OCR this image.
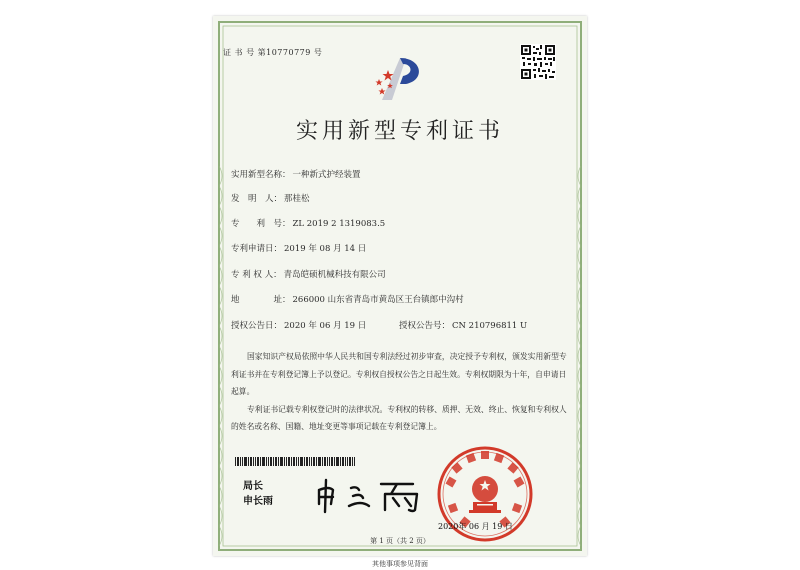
证 书 号 第10770779 号
实用新型专利证书
实用新型名称： 一种新式护经装置
发　明　人： 那桂松
专　　利　号： ZL 2019 2 1319083.5
专利申请日： 2019 年 08 月 14 日
专 利 权 人： 青岛皑硕机械科技有限公司
地　　　　址： 266000 山东省青岛市黄岛区王台镇郎中沟村
授权公告日： 2020 年 06 月 19 日	授权公告号： CN 210796811 U

国家知识产权局依照中华人民共和国专利法经过初步审查，决定授予专利权，颁发实用新型专利证书并在专利登记簿上予以登记。专利权自授权公告之日起生效。专利权期限为十年，自申请日起算。

专利证书记载专利权登记时的法律状况。专利权的转移、质押、无效、终止、恢复和专利权人的姓名或名称、国籍、地址变更等事项记载在专利登记簿上。

局长
申长雨
2020年 06 月 19 日
第 1 页（共 2 页）
其他事项参见背面
